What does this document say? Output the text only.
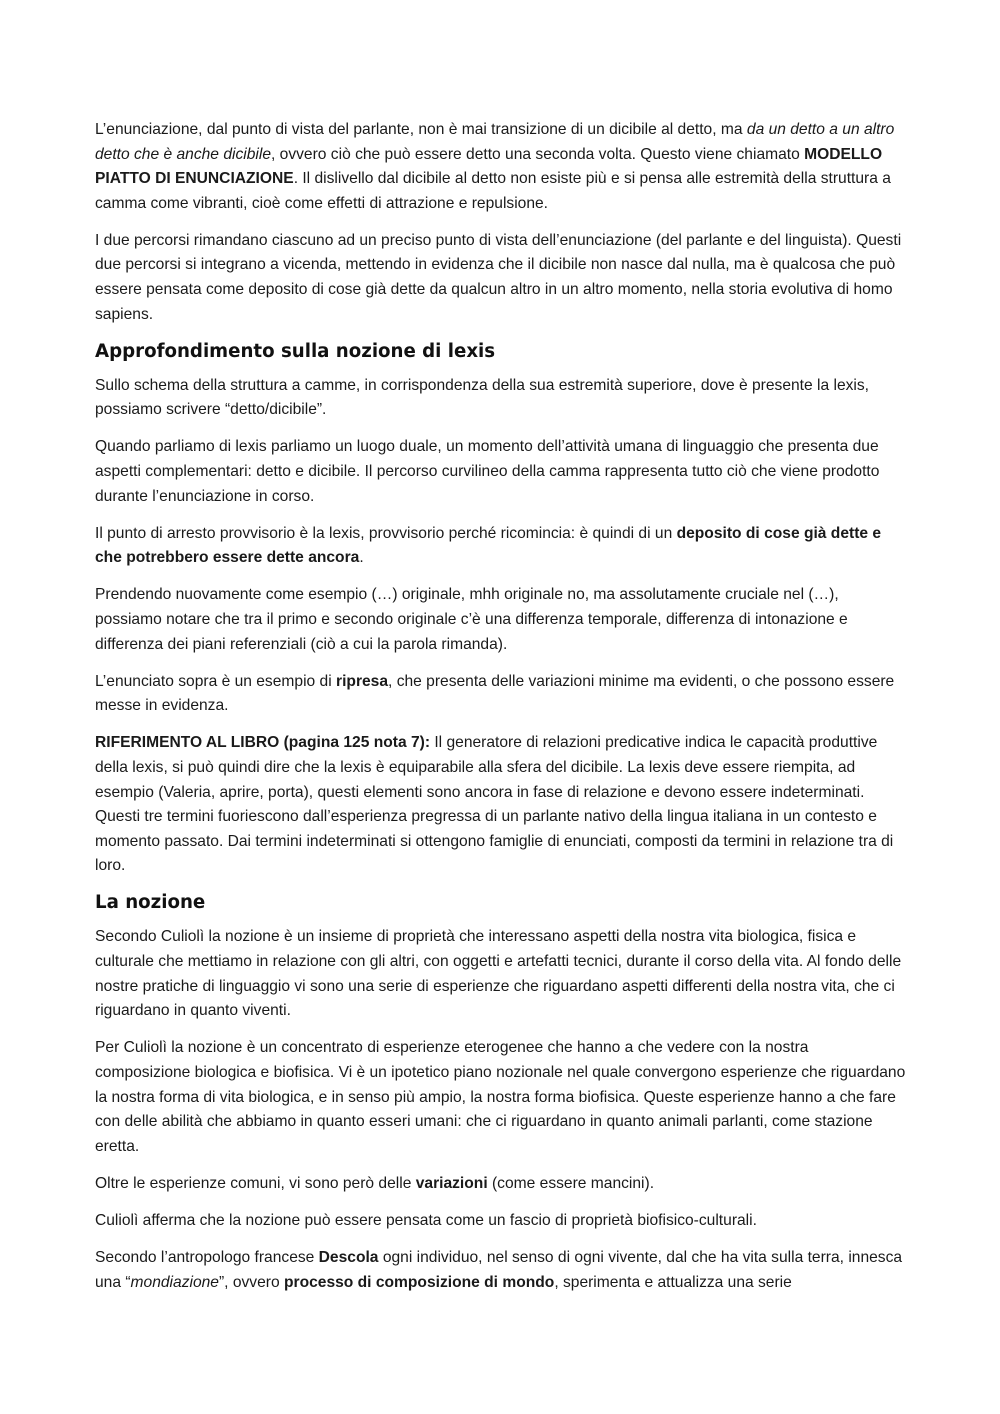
L’enunciazione, dal punto di vista del parlante, non è mai transizione di un dicibile al detto, ma da un detto a un altro detto che è anche dicibile, ovvero ciò che può essere detto una seconda volta. Questo viene chiamato MODELLO PIATTO DI ENUNCIAZIONE. Il dislivello dal dicibile al detto non esiste più e si pensa alle estremità della struttura a camma come vibranti, cioè come effetti di attrazione e repulsione.

I due percorsi rimandano ciascuno ad un preciso punto di vista dell’enunciazione (del parlante e del linguista). Questi due percorsi si integrano a vicenda, mettendo in evidenza che il dicibile non nasce dal nulla, ma è qualcosa che può essere pensata come deposito di cose già dette da qualcun altro in un altro momento, nella storia evolutiva di homo sapiens.

Approfondimento sulla nozione di lexis

Sullo schema della struttura a camme, in corrispondenza della sua estremità superiore, dove è presente la lexis, possiamo scrivere “detto/dicibile”.

Quando parliamo di lexis parliamo un luogo duale, un momento dell’attività umana di linguaggio che presenta due aspetti complementari: detto e dicibile. Il percorso curvilineo della camma rappresenta tutto ciò che viene prodotto durante l’enunciazione in corso.

Il punto di arresto provvisorio è la lexis, provvisorio perché ricomincia: è quindi di un deposito di cose già dette e che potrebbero essere dette ancora.

Prendendo nuovamente come esempio (…) originale, mhh originale no, ma assolutamente cruciale nel (…), possiamo notare che tra il primo e secondo originale c’è una differenza temporale, differenza di intonazione e differenza dei piani referenziali (ciò a cui la parola rimanda).

L’enunciato sopra è un esempio di ripresa, che presenta delle variazioni minime ma evidenti, o che possono essere messe in evidenza.

RIFERIMENTO AL LIBRO (pagina 125 nota 7): Il generatore di relazioni predicative indica le capacità produttive della lexis, si può quindi dire che la lexis è equiparabile alla sfera del dicibile. La lexis deve essere riempita, ad esempio (Valeria, aprire, porta), questi elementi sono ancora in fase di relazione e devono essere indeterminati. Questi tre termini fuoriescono dall’esperienza pregressa di un parlante nativo della lingua italiana in un contesto e momento passato. Dai termini indeterminati si ottengono famiglie di enunciati, composti da termini in relazione tra di loro.

La nozione

Secondo Culiolì la nozione è un insieme di proprietà che interessano aspetti della nostra vita biologica, fisica e culturale che mettiamo in relazione con gli altri, con oggetti e artefatti tecnici, durante il corso della vita. Al fondo delle nostre pratiche di linguaggio vi sono una serie di esperienze che riguardano aspetti differenti della nostra vita, che ci riguardano in quanto viventi.

Per Culiolì la nozione è un concentrato di esperienze eterogenee che hanno a che vedere con la nostra composizione biologica e biofisica. Vi è un ipotetico piano nozionale nel quale convergono esperienze che riguardano la nostra forma di vita biologica, e in senso più ampio, la nostra forma biofisica. Queste esperienze hanno a che fare con delle abilità che abbiamo in quanto esseri umani: che ci riguardano in quanto animali parlanti, come stazione eretta.

Oltre le esperienze comuni, vi sono però delle variazioni (come essere mancini).

Culiolì afferma che la nozione può essere pensata come un fascio di proprietà biofisico-culturali.

Secondo l’antropologo francese Descola ogni individuo, nel senso di ogni vivente, dal che ha vita sulla terra, innesca una “mondiazione”, ovvero processo di composizione di mondo, sperimenta e attualizza una serie
